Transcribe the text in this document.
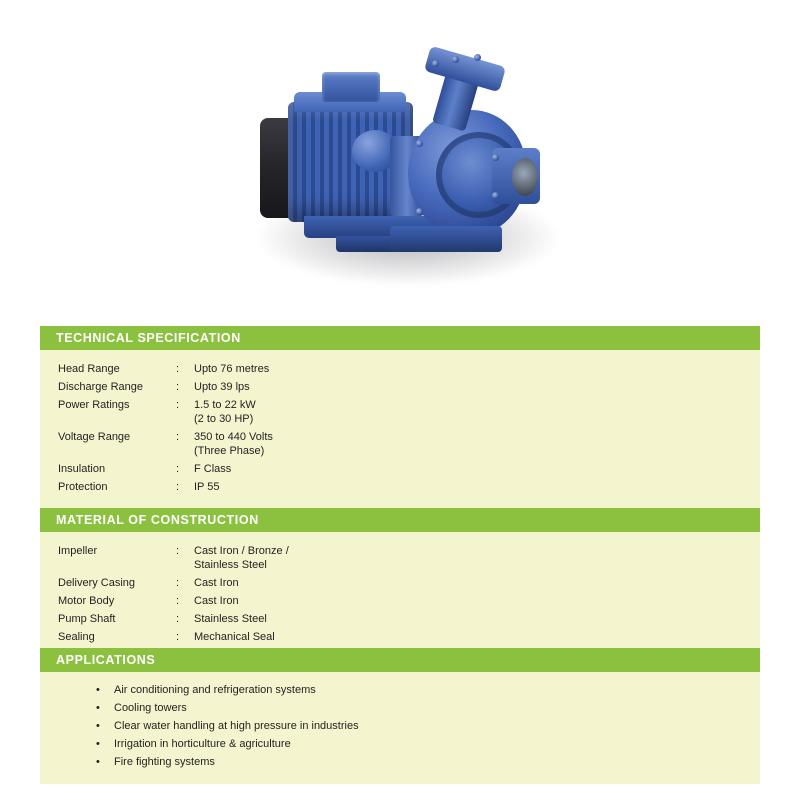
TECHNICAL SPECIFICATION
Head Range	:	Upto 76 metres

Discharge Range	:	Upto 39 lps

Power Ratings	:	1.5 to 22 kW
(2 to 30 HP)

Voltage Range	:	350 to 440 Volts
(Three Phase)

Insulation	:	F Class

Protection	:	IP 55
MATERIAL OF CONSTRUCTION
Impeller	:	Cast Iron / Bronze /
Stainless Steel

Delivery Casing	:	Cast Iron

Motor Body	:	Cast Iron

Pump Shaft	:	Stainless Steel

Sealing	:	Mechanical Seal
APPLICATIONS
• Air conditioning and refrigeration systems
• Cooling towers
• Clear water handling at high pressure in industries
• Irrigation in horticulture & agriculture
• Fire fighting systems
